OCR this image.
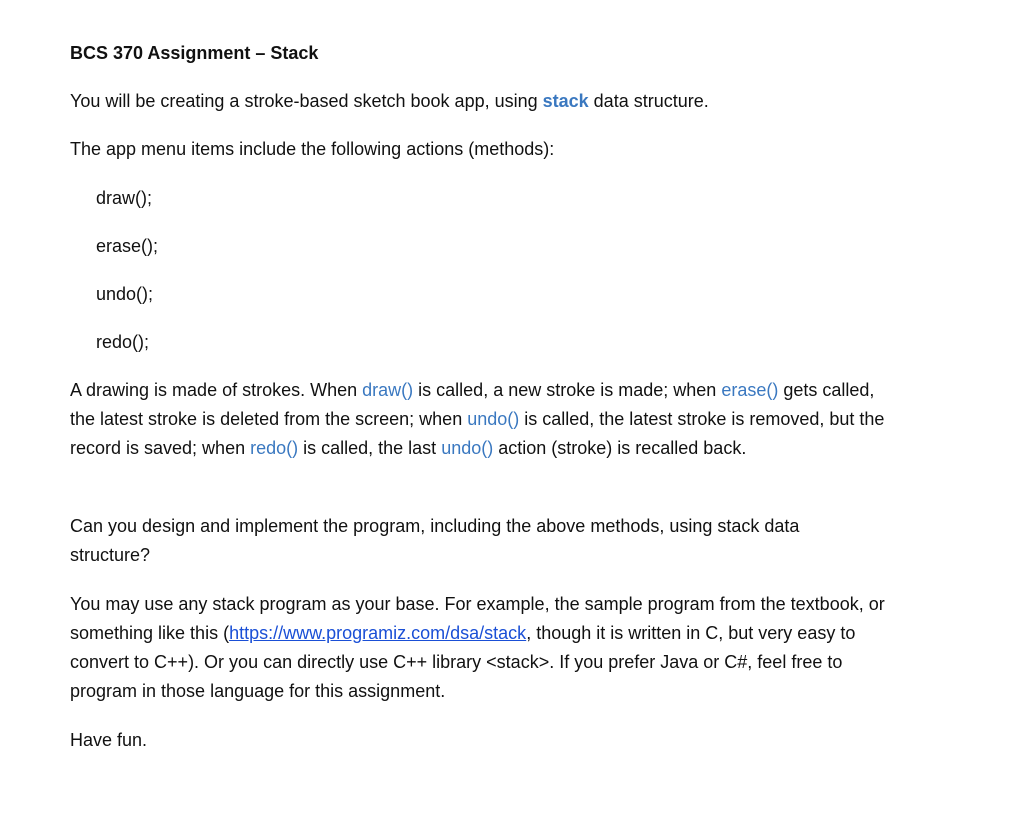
BCS 370 Assignment – Stack

You will be creating a stroke-based sketch book app, using stack data structure.

The app menu items include the following actions (methods):

draw();

erase();

undo();

redo();

A drawing is made of strokes. When draw() is called, a new stroke is made; when erase() gets called, the latest stroke is deleted from the screen; when undo() is called, the latest stroke is removed, but the record is saved; when redo() is called, the last undo() action (stroke) is recalled back.

Can you design and implement the program, including the above methods, using stack data structure?

You may use any stack program as your base. For example, the sample program from the textbook, or something like this (https://www.programiz.com/dsa/stack, though it is written in C, but very easy to convert to C++). Or you can directly use C++ library <stack>. If you prefer Java or C#, feel free to program in those language for this assignment.

Have fun.
